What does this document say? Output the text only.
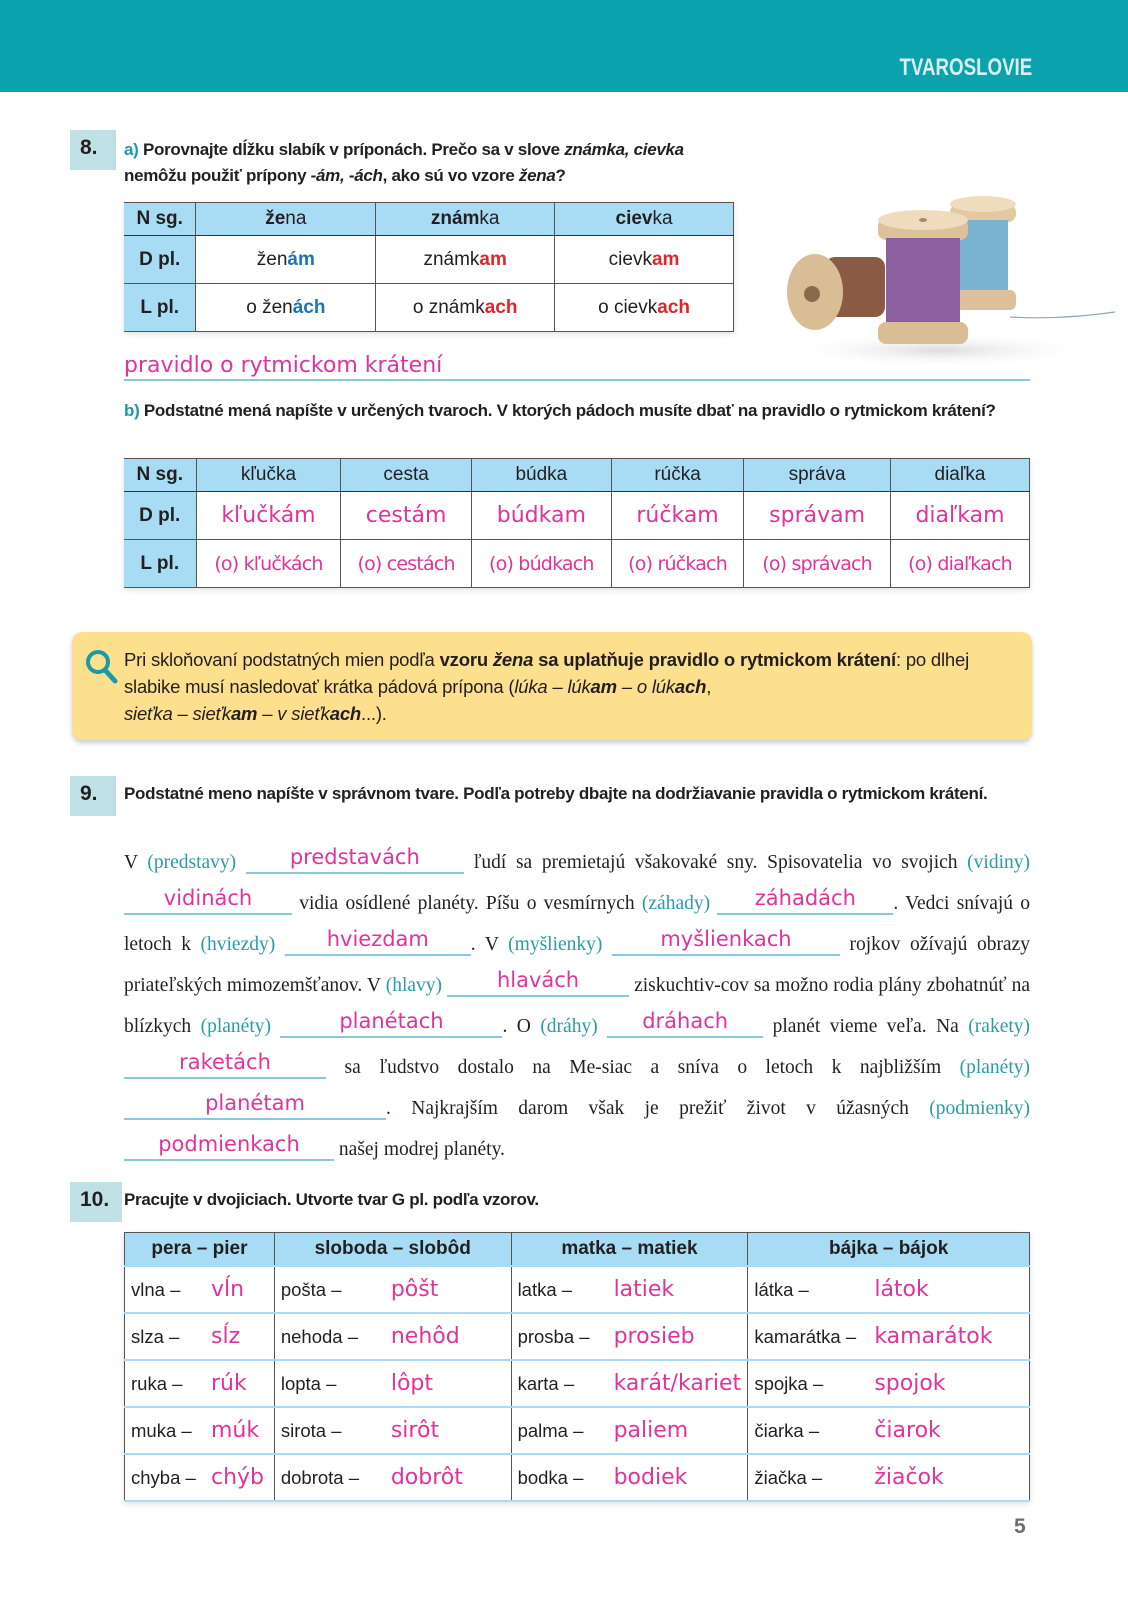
TVAROSLOVIE
8.	a) Porovnajte dĺžku slabík v príponách. Prečo sa v slove známka, cievka
nemôžu použiť prípony -ám, -ách, ako sú vo vzore žena?
N sg.	žena	známka	cievka
D pl.	ženám	známkam	cievkam
L pl.	o ženách	o známkach	o cievkach
pravidlo o rytmickom krátení
b) Podstatné mená napíšte v určených tvaroch. V ktorých pádoch musíte dbať na pravidlo o rytmickom krátení?
N sg.	kľučka	cesta	búdka	rúčka	správa	diaľka
D pl.	kľučkám	cestám	búdkam	rúčkam	správam	diaľkam
L pl.	(o) kľučkách	(o) cestách	(o) búdkach	(o) rúčkach	(o) správach	(o) diaľkach
Pri skloňovaní podstatných mien podľa vzoru žena sa uplatňuje pravidlo o rytmickom krátení: po dlhej slabike musí nasledovať krátka pádová prípona (lúka – lúkam – o lúkach,
sieťka – sieťkam – v sieťkach...).
9.	Podstatné meno napíšte v správnom tvare. Podľa potreby dbajte na dodržiavanie pravidla o rytmickom krátení.
V (predstavy)	predstavách ľudí sa premietajú všakovaké sny. Spisovatelia vo svojich (vidiny) vidinách vidia osídlené planéty. Píšu o vesmírnych (záhady) záhadách . Vedci snívajú o letoch k (hviezdy) hviezdam . V (myšlienky)	myšlienkach rojkov ožívajú obrazy priateľských mimozemšťanov. V (hlavy)	hlavách	ziskuchtiv-cov sa možno rodia plány zbohatnúť na blízkych (planéty)	planétach	. O (dráhy) dráhach planét vieme veľa. Na (rakety) raketách	sa ľudstvo dostalo na Me-siac a sníva o letoch k najbližším (planéty) planétam	. Najkrajším darom však je prežiť život v úžasných (podmienky) podmienkach našej modrej planéty.
10. Pracujte v dvojiciach. Utvorte tvar G pl. podľa vzorov.
pera – pier	sloboda – slobôd	matka – matiek	bájka – bájok
vlna – vĺn	pošta – pôšt	latka – latiek	látka – látok
slza – sĺz	nehoda – nehôd	prosba – prosieb	kamarátka – kamarátok
ruka – rúk	lopta – lôpt	karta – karát/kariet	spojka – spojok
muka – múk	sirota – sirôt	palma – paliem	čiarka – čiarok
chyba – chýb	dobrota – dobrôt	bodka – bodiek	žiačka – žiačok
5
